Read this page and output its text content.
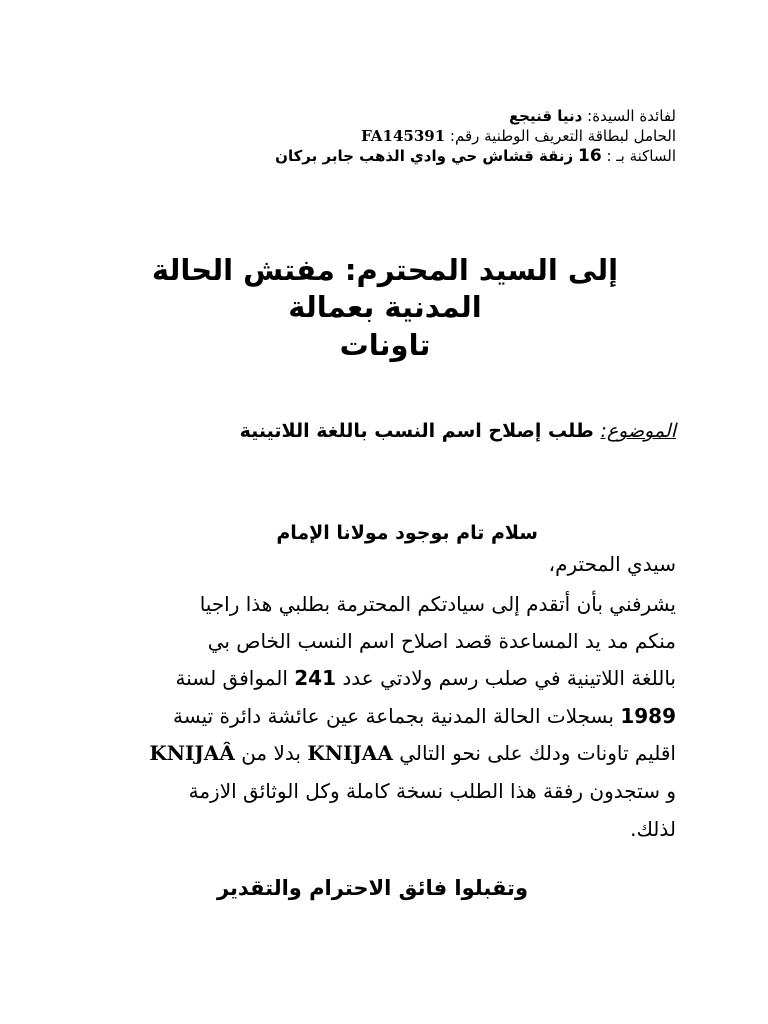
لفائدة السيدة: دنيا قنيجع
الحامل لبطاقة التعريف الوطنية رقم: FA145391
الساكنة بـ : 16 زنقة قشاش حي وادي الذهب جابر بركان
إلى السيد المحترم: مفتش الحالة
المدنية بعمالة
تاونات
الموضوع: طلب إصلاح اسم النسب باللغة اللاتينية
سلام تام بوجود مولانا الإمام
سيدي المحترم،
يشرفني بأن أتقدم إلى سيادتكم المحترمة بطلبي هذا راجيا
منكم مد يد المساعدة قصد اصلاح اسم النسب الخاص بي
باللغة اللاتينية في صلب رسم ولادتي عدد 241 الموافق لسنة
1989 بسجلات الحالة المدنية بجماعة عين عائشة دائرة تيسة
اقليم تاونات ودلك على نحو التالي KNIJAA بدلا من KNIJAÂ
و ستجدون رفقة هذا الطلب نسخة كاملة وكل الوثائق الازمة
لذلك.
وتقبلوا فائق الاحترام والتقدير
